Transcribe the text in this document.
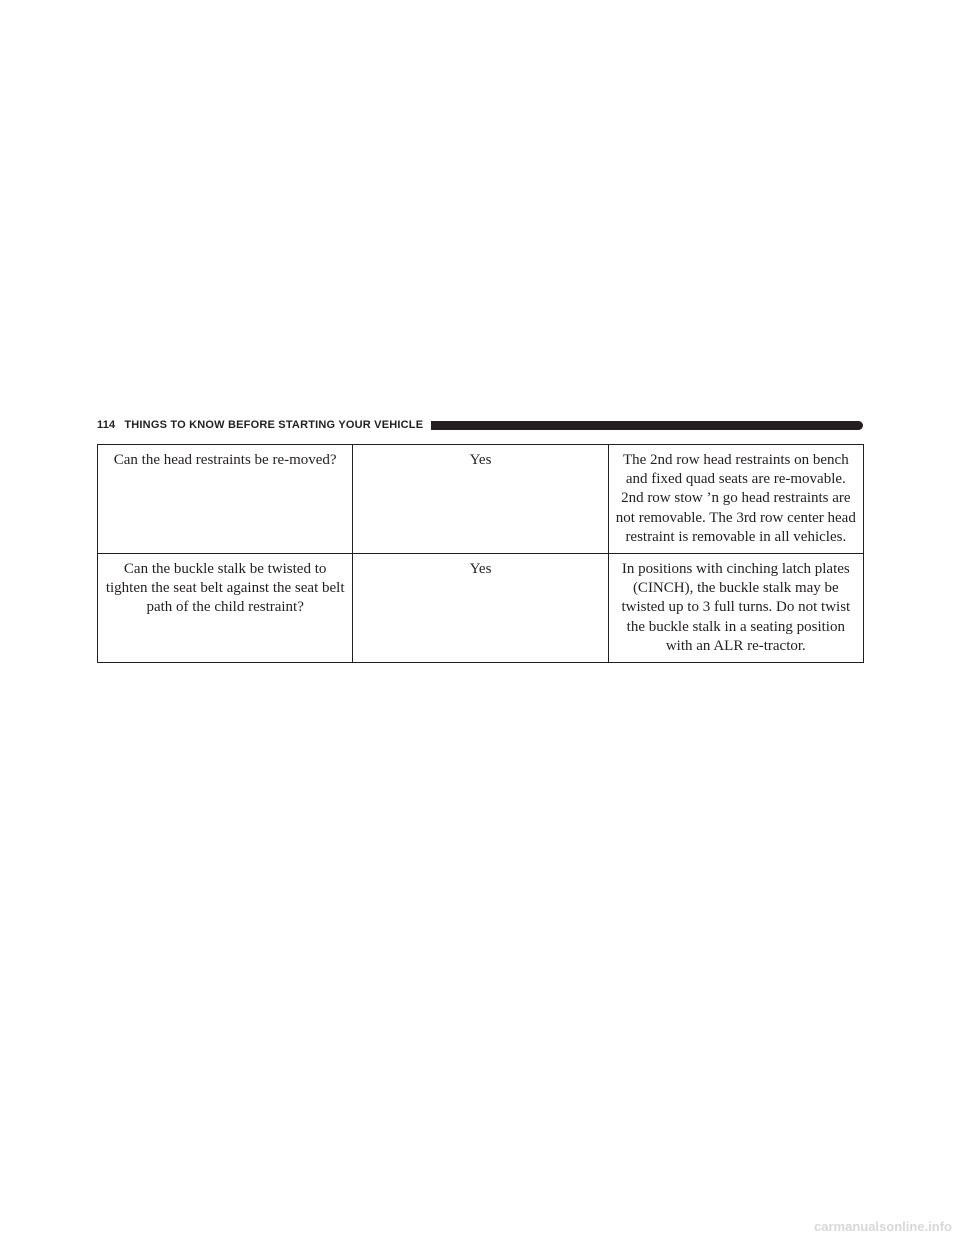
114 THINGS TO KNOW BEFORE STARTING YOUR VEHICLE
Can the head restraints be re-moved?	Yes	The 2nd row head restraints on bench and fixed quad seats are re-movable. 2nd row stow ’n go head restraints are not removable. The 3rd row center head restraint is removable in all vehicles.
Can the buckle stalk be twisted to tighten the seat belt against the seat belt path of the child restraint?	Yes	In positions with cinching latch plates (CINCH), the buckle stalk may be twisted up to 3 full turns. Do not twist the buckle stalk in a seating position with an ALR re-tractor.
carmanualsonline.info
